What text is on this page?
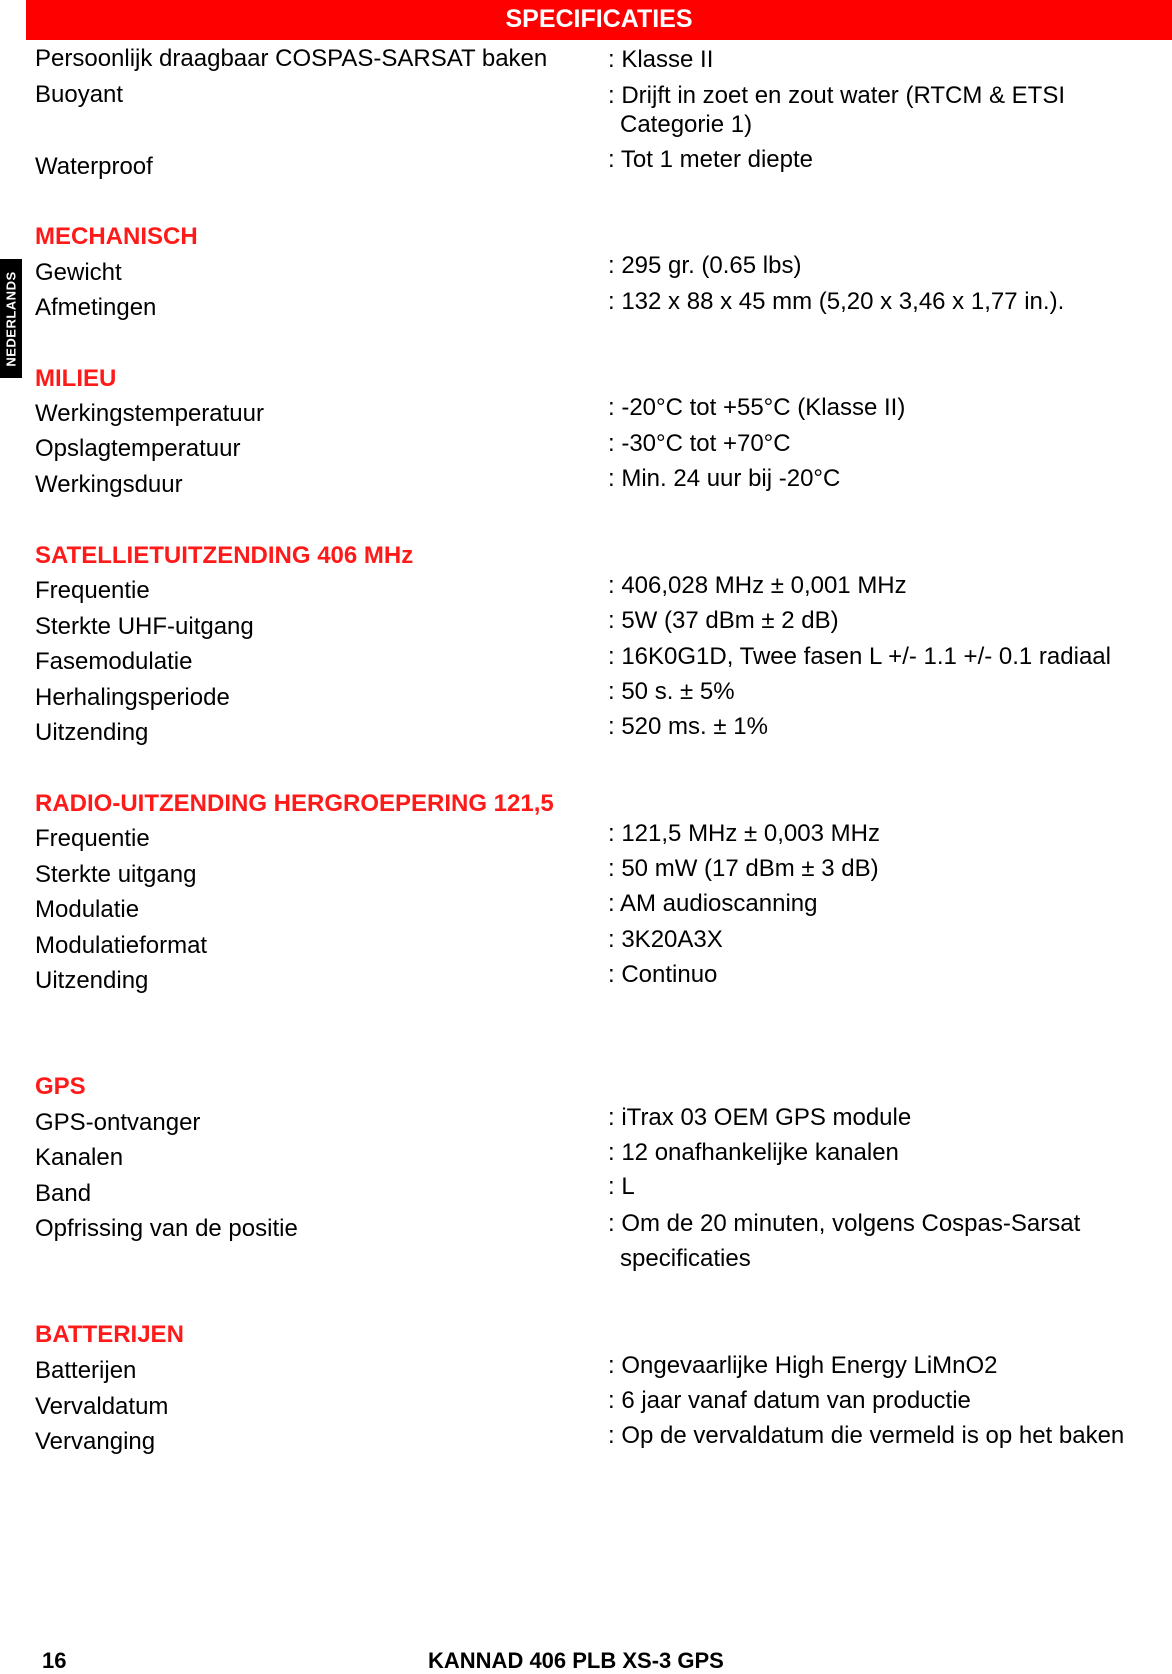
SPECIFICATIES
NEDERLANDS
Persoonlijk draagbaar COSPAS-SARSAT baken	: Klasse II
Buoyant	: Drijft in zoet en zout water (RTCM & ETSI
Categorie 1)
Waterproof	: Tot 1 meter diepte
MECHANISCH
Gewicht	: 295 gr. (0.65 lbs)
Afmetingen	: 132 x 88 x 45 mm (5,20 x 3,46 x 1,77 in.).
MILIEU
Werkingstemperatuur	: -20°C tot +55°C (Klasse II)
Opslagtemperatuur	: -30°C tot +70°C
Werkingsduur	: Min. 24 uur bij -20°C
SATELLIETUITZENDING 406 MHz
Frequentie	: 406,028 MHz ± 0,001 MHz
Sterkte UHF-uitgang	: 5W (37 dBm ± 2 dB)
Fasemodulatie	: 16K0G1D, Twee fasen L +/- 1.1 +/- 0.1 radiaal
Herhalingsperiode	: 50 s. ± 5%
Uitzending	: 520 ms. ± 1%
RADIO-UITZENDING HERGROEPERING 121,5
Frequentie	: 121,5 MHz ± 0,003 MHz
Sterkte uitgang	: 50 mW (17 dBm ± 3 dB)
Modulatie	: AM audioscanning
Modulatieformat	: 3K20A3X
Uitzending	: Continuo
GPS
GPS-ontvanger	: iTrax 03 OEM GPS module
Kanalen	: 12 onafhankelijke kanalen
Band	: L
Opfrissing van de positie	: Om de 20 minuten, volgens Cospas-Sarsat
specificaties
BATTERIJEN
Batterijen	: Ongevaarlijke High Energy LiMnO2
Vervaldatum	: 6 jaar vanaf datum van productie
Vervanging	: Op de vervaldatum die vermeld is op het baken
16	KANNAD 406 PLB XS-3 GPS
